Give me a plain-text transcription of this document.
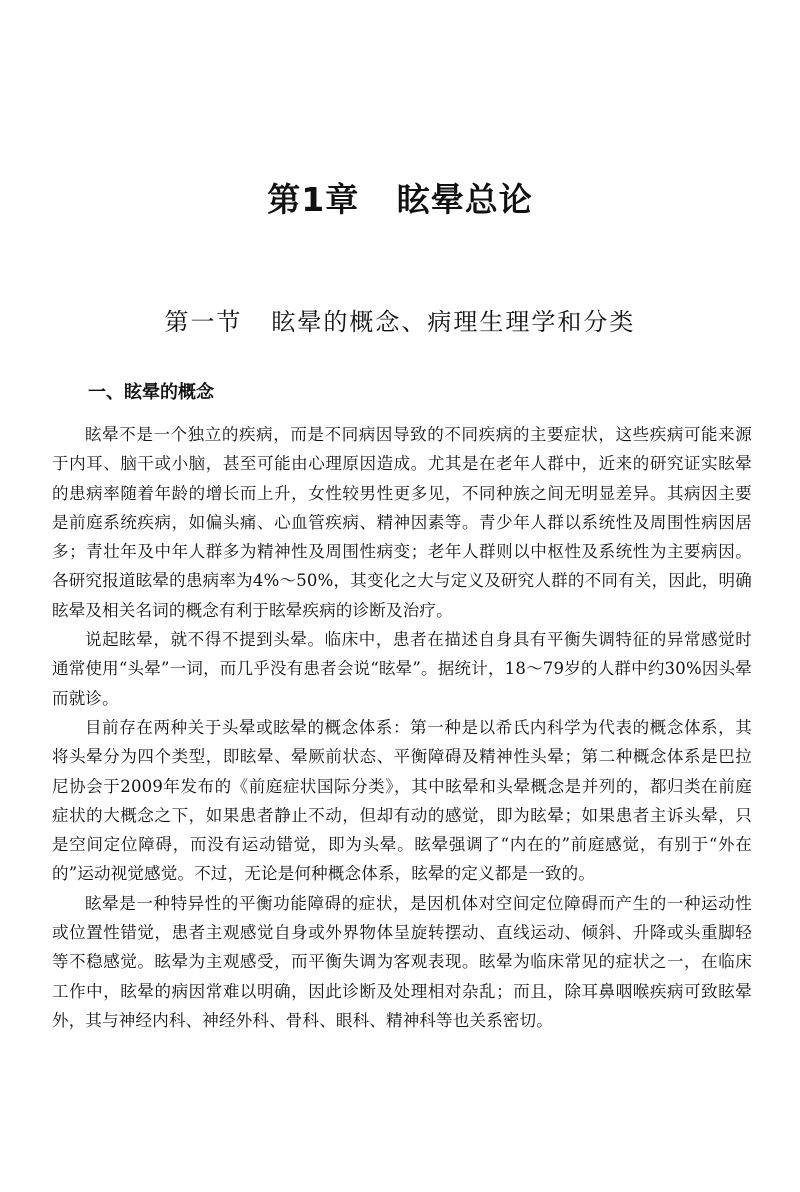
第1章   眩晕总论
第一节   眩晕的概念、病理生理学和分类
一、眩晕的概念

眩晕不是一个独立的疾病，而是不同病因导致的不同疾病的主要症状，这些疾病可能来源于内耳、脑干或小脑，甚至可能由心理原因造成。尤其是在老年人群中，近来的研究证实眩晕的患病率随着年龄的增长而上升，女性较男性更多见，不同种族之间无明显差异。其病因主要是前庭系统疾病，如偏头痛、心血管疾病、精神因素等。青少年人群以系统性及周围性病因居多；青壮年及中年人群多为精神性及周围性病变；老年人群则以中枢性及系统性为主要病因。各研究报道眩晕的患病率为4%～50%，其变化之大与定义及研究人群的不同有关，因此，明确眩晕及相关名词的概念有利于眩晕疾病的诊断及治疗。

说起眩晕，就不得不提到头晕。临床中，患者在描述自身具有平衡失调特征的异常感觉时通常使用“头晕”一词，而几乎没有患者会说“眩晕”。据统计，18～79岁的人群中约30%因头晕而就诊。

目前存在两种关于头晕或眩晕的概念体系：第一种是以希氏内科学为代表的概念体系，其将头晕分为四个类型，即眩晕、晕厥前状态、平衡障碍及精神性头晕；第二种概念体系是巴拉尼协会于2009年发布的《前庭症状国际分类》，其中眩晕和头晕概念是并列的，都归类在前庭症状的大概念之下，如果患者静止不动，但却有动的感觉，即为眩晕；如果患者主诉头晕，只是空间定位障碍，而没有运动错觉，即为头晕。眩晕强调了“内在的”前庭感觉，有别于“外在的”运动视觉感觉。不过，无论是何种概念体系，眩晕的定义都是一致的。

眩晕是一种特异性的平衡功能障碍的症状，是因机体对空间定位障碍而产生的一种运动性或位置性错觉，患者主观感觉自身或外界物体呈旋转摆动、直线运动、倾斜、升降或头重脚轻等不稳感觉。眩晕为主观感受，而平衡失调为客观表现。眩晕为临床常见的症状之一，在临床工作中，眩晕的病因常难以明确，因此诊断及处理相对杂乱；而且，除耳鼻咽喉疾病可致眩晕外，其与神经内科、神经外科、骨科、眼科、精神科等也关系密切。
